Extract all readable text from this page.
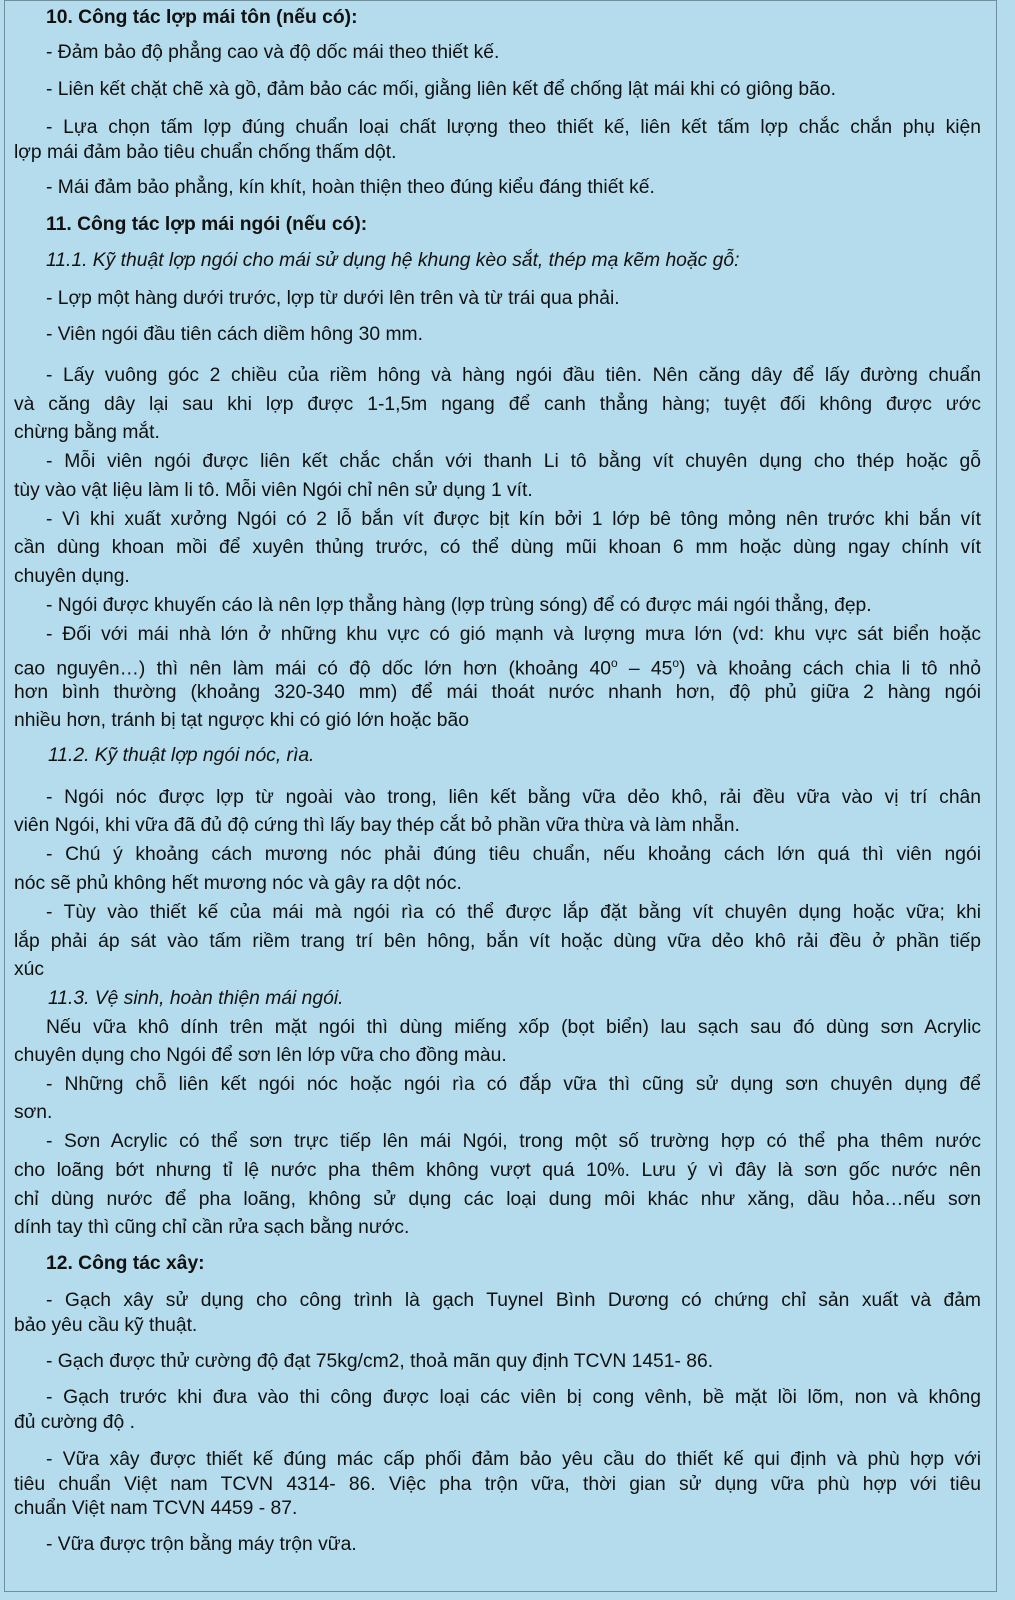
10. Công tác lợp mái tôn (nếu có):

- Đảm bảo độ phẳng cao và độ dốc mái theo thiết kế.

- Liên kết chặt chẽ xà gồ, đảm bảo các mối, giằng liên kết để chống lật mái khi có giông bão.

- Lựa chọn tấm lợp đúng chuẩn loại chất lượng theo thiết kế, liên kết tấm lợp chắc chắn phụ kiện

lợp mái đảm bảo tiêu chuẩn chống thấm dột.

- Mái đảm bảo phẳng, kín khít, hoàn thiện theo đúng kiểu đáng thiết kế.

11. Công tác lợp mái ngói (nếu có):

11.1. Kỹ thuật lợp ngói cho mái sử dụng hệ khung kèo sắt, thép mạ kẽm hoặc gỗ:

- Lợp một hàng dưới trước, lợp từ dưới lên trên và từ trái qua phải.

- Viên ngói đầu tiên cách diềm hông 30 mm.

- Lấy vuông góc 2 chiều của riềm hông và hàng ngói đầu tiên. Nên căng dây để lấy đường chuẩn

và căng dây lại sau khi lợp được 1-1,5m ngang để canh thẳng hàng; tuyệt đối không được ước

chừng bằng mắt.

- Mỗi viên ngói được liên kết chắc chắn với thanh Li tô bằng vít chuyên dụng cho thép hoặc gỗ

tùy vào vật liệu làm li tô. Mỗi viên Ngói chỉ nên sử dụng 1 vít.

- Vì khi xuất xưởng Ngói có 2 lỗ bắn vít được bịt kín bởi 1 lớp bê tông mỏng nên trước khi bắn vít

cần dùng khoan mồi để xuyên thủng trước, có thể dùng mũi khoan 6 mm hoặc dùng ngay chính vít

chuyên dụng.

- Ngói được khuyến cáo là nên lợp thẳng hàng (lợp trùng sóng) để có được mái ngói thẳng, đẹp.

- Đối với mái nhà lớn ở những khu vực có gió mạnh và lượng mưa lớn (vd: khu vực sát biển hoặc

cao nguyên…) thì nên làm mái có độ dốc lớn hơn (khoảng 40$^o$ – 45$^o$) và khoảng cách chia li tô nhỏ

hơn bình thường (khoảng 320-340 mm) để mái thoát nước nhanh hơn, độ phủ giữa 2 hàng ngói

nhiều hơn, tránh bị tạt ngược khi có gió lớn hoặc bão

11.2. Kỹ thuật lợp ngói nóc, rìa.

- Ngói nóc được lợp từ ngoài vào trong, liên kết bằng vữa dẻo khô, rải đều vữa vào vị trí chân

viên Ngói, khi vữa đã đủ độ cứng thì lấy bay thép cắt bỏ phần vữa thừa và làm nhẵn.

- Chú ý khoảng cách mương nóc phải đúng tiêu chuẩn, nếu khoảng cách lớn quá thì viên ngói

nóc sẽ phủ không hết mương nóc và gây ra dột nóc.

- Tùy vào thiết kế của mái mà ngói rìa có thể được lắp đặt bằng vít chuyên dụng hoặc vữa; khi

lắp phải áp sát vào tấm riềm trang trí bên hông, bắn vít hoặc dùng vữa dẻo khô rải đều ở phần tiếp

xúc

11.3. Vệ sinh, hoàn thiện mái ngói.

Nếu vữa khô dính trên mặt ngói thì dùng miếng xốp (bọt biển) lau sạch sau đó dùng sơn Acrylic

chuyên dụng cho Ngói để sơn lên lớp vữa cho đồng màu.

- Những chỗ liên kết ngói nóc hoặc ngói rìa có đắp vữa thì cũng sử dụng sơn chuyên dụng để

sơn.

- Sơn Acrylic có thể sơn trực tiếp lên mái Ngói, trong một số trường hợp có thể pha thêm nước

cho loãng bớt nhưng tỉ lệ nước pha thêm không vượt quá 10%. Lưu ý vì đây là sơn gốc nước nên

chỉ dùng nước để pha loãng, không sử dụng các loại dung môi khác như xăng, dầu hỏa…nếu sơn

dính tay thì cũng chỉ cần rửa sạch bằng nước.

12. Công tác xây:

- Gạch xây sử dụng cho công trình là gạch Tuynel Bình Dương có chứng chỉ sản xuất và đảm

bảo yêu cầu kỹ thuật.

- Gạch được thử cường độ đạt 75kg/cm2, thoả mãn quy định TCVN 1451- 86.

- Gạch trước khi đưa vào thi công được loại các viên bị cong vênh, bề mặt lồi lõm, non và không

đủ cường độ .

- Vữa xây được thiết kế đúng mác cấp phối đảm bảo yêu cầu do thiết kế qui định và phù hợp với

tiêu chuẩn Việt nam TCVN 4314- 86. Việc pha trộn vữa, thời gian sử dụng vữa phù hợp với tiêu

chuẩn Việt nam TCVN 4459 - 87.

- Vữa được trộn bằng máy trộn vữa.
